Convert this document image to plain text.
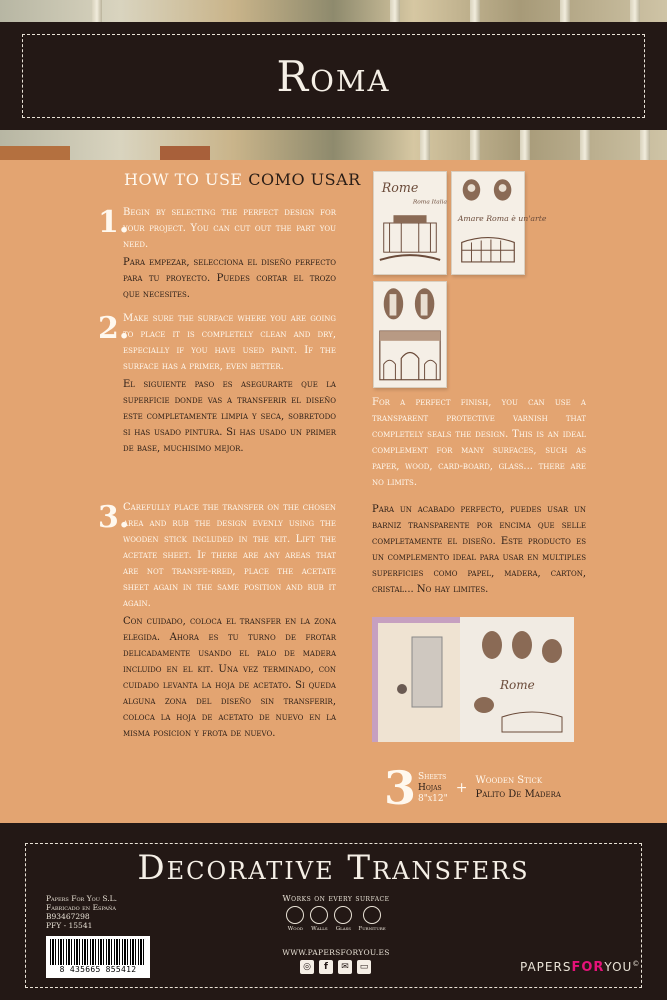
Roma
HOW TO USE COMO USAR
1.

Begin by selecting the perfect design for your project. You can cut out the part you need.

Para empezar, selecciona el diseño perfecto para tu proyecto. Puedes cortar el trozo que necesites.

2.

Make sure the surface where you are going to place it is completely clean and dry, especially if you have used paint. If the surface has a primer, even better.

El siguiente paso es asegurarte que la superficie donde vas a transferir el diseño este completamente limpia y seca, sobretodo si has usado pintura. Si has usado un primer de base, muchisimo mejor.

3.

Carefully place the transfer on the chosen area and rub the design evenly using the wooden stick included in the kit. Lift the acetate sheet. If there are any areas that are not transfe-rred, place the acetate sheet again in the same position and rub it again.

Con cuidado, coloca el transfer en la zona elegida. Ahora es tu turno de frotar delicadamente usando el palo de madera incluido en el kit. Una vez terminado, con cuidado levanta la hoja de acetato. Si queda alguna zona del diseño sin transferir, coloca la hoja de acetato de nuevo en la misma posicion y frota de nuevo.

Rome
Roma Italia
Amare Roma è un'arte

For a perfect finish, you can use a transparent protective varnish that completely seals the design. This is an ideal complement for many surfaces, such as paper, wood, card-board, glass... there are no limits.

Para un acabado perfecto, puedes usar un barniz transparente por encima que selle completamente el diseño. Este producto es un complemento ideal para usar en multiples superficies como papel, madera, carton, cristal... No hay limites.

Rome
3 Sheets
Hojas
8"x12"
+ Wooden Stick
Palito De Madera
Decorative Transfers
Papers For You S.L.
Fabricado en España
B93467298
PFY - 15541
8 435665 855412
Works on every surface
Wood Walls Glass Furniture
WWW.PAPERSFORYOU.ES
◎	f	✉	▭	PAPERSFORYOU©
